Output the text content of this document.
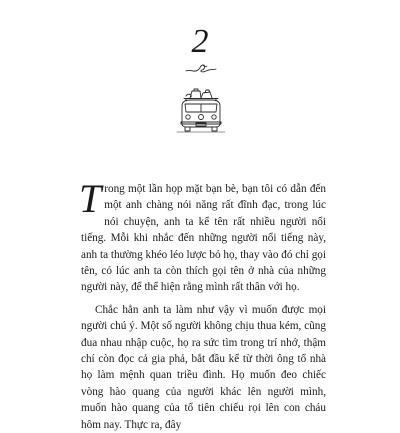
2

Trong một lần họp mặt bạn bè, bạn tôi có dẫn đến một anh chàng nói năng rất đĩnh đạc, trong lúc nói chuyện, anh ta kể tên rất nhiều người nổi tiếng. Mỗi khi nhắc đến những người nổi tiếng này, anh ta thường khéo léo lược bỏ họ, thay vào đó chỉ gọi tên, có lúc anh ta còn thích gọi tên ở nhà của những người này, để thể hiện rằng mình rất thân với họ.

Chắc hẳn anh ta làm như vậy vì muốn được mọi người chú ý. Một số người không chịu thua kém, cũng đua nhau nhập cuộc, họ ra sức tìm trong trí nhớ, thậm chí còn đọc cả gia phả, bắt đầu kể từ thời ông tổ nhà họ làm mệnh quan triều đình. Họ muốn đeo chiếc vòng hào quang của người khác lên người mình, muốn hào quang của tổ tiên chiếu rọi lên con cháu hôm nay. Thực ra, đây
